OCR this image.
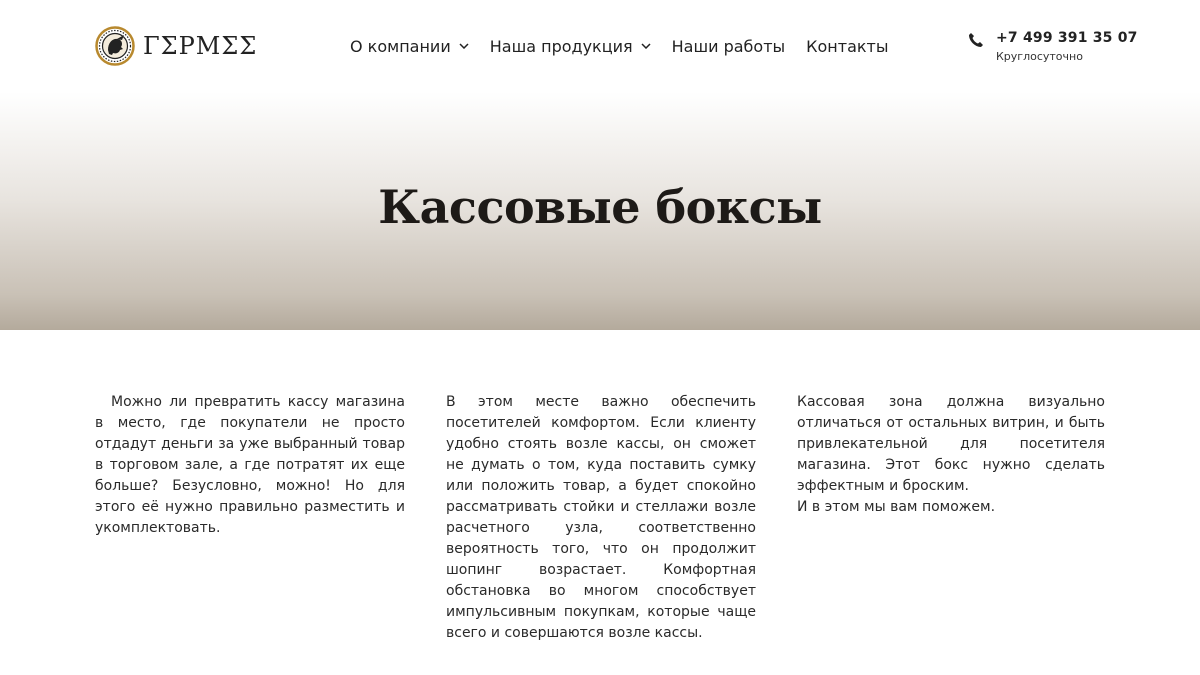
ΓΣΡΜΣΣ	О компании Наша продукция Наши работы Контакты	+7 499 391 35 07
Круглосуточно
Кассовые боксы

Можно ли превратить кассу магазина в место, где покупатели не просто отдадут деньги за уже выбранный товар в торговом зале, а где потратят их еще больше? Безусловно, можно! Но для этого её нужно правильно разместить и укомплектовать.

В этом месте важно обеспечить посетителей комфортом. Если клиенту удобно стоять возле кассы, он сможет не думать о том, куда поставить сумку или положить товар, а будет спокойно рассматривать стойки и стеллажи возле расчетного узла, соответственно вероятность того, что он продолжит шопинг возрастает. Комфортная обстановка во многом способствует импульсивным покупкам, которые чаще всего и совершаются возле кассы.

Кассовая зона должна визуально отличаться от остальных витрин, и быть привлекательной для посетителя магазина. Этот бокс нужно сделать эффектным и броским.

И в этом мы вам поможем.
